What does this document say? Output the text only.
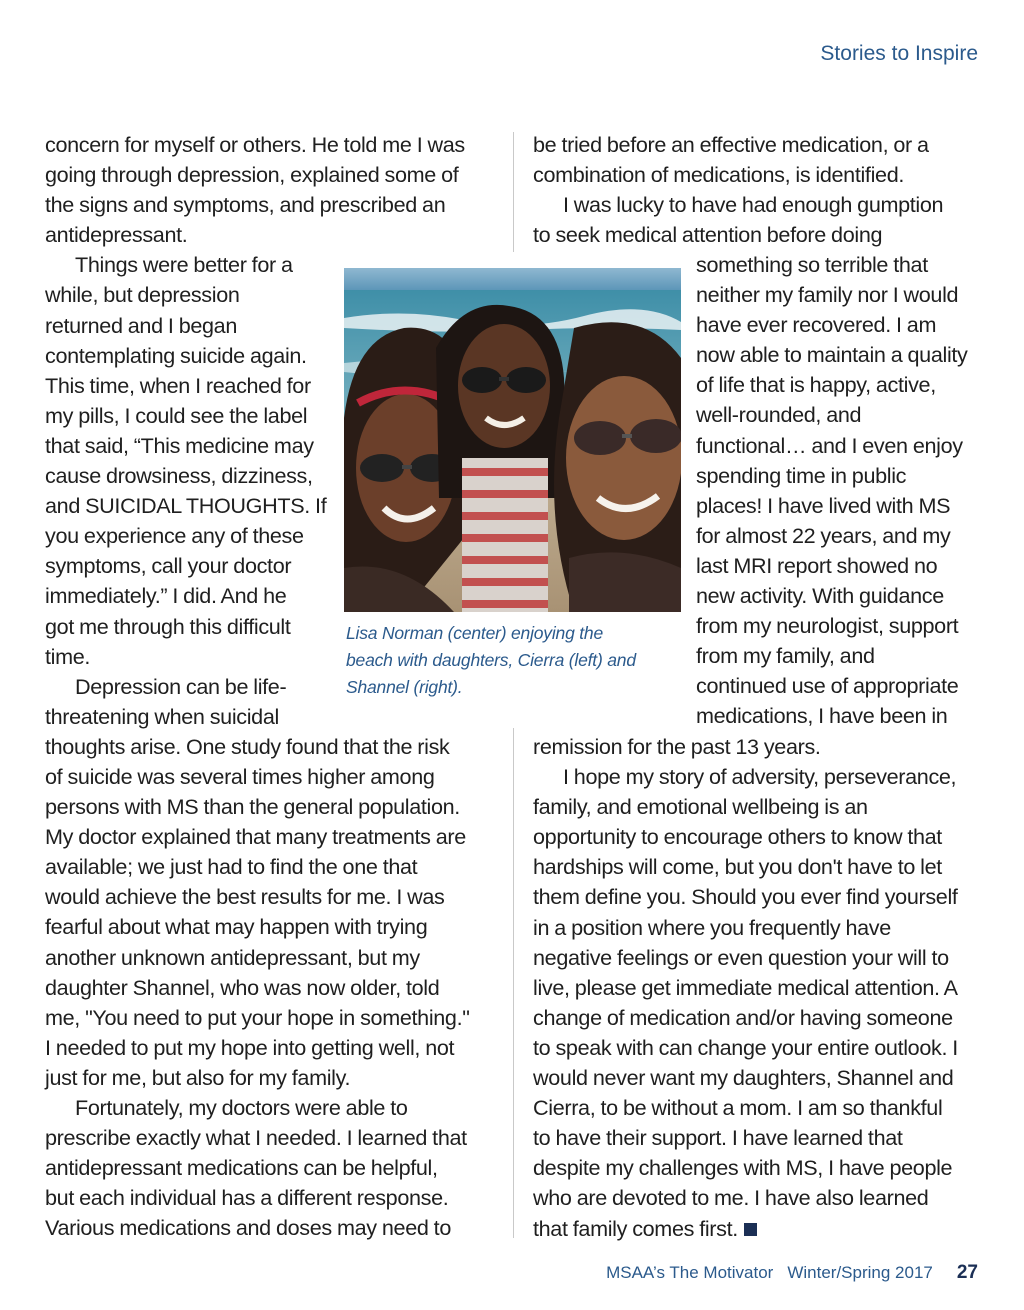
Stories to Inspire
concern for myself or others. He told me I was
going through depression, explained some of
the signs and symptoms, and prescribed an
antidepressant.
Things were better for a
while, but depression
returned and I began
contemplating suicide again.
This time, when I reached for
my pills, I could see the label
that said, “This medicine may
cause drowsiness, dizziness,
and SUICIDAL THOUGHTS. If
you experience any of these
symptoms, call your doctor
immediately.” I did. And he
got me through this difficult
time.
Depression can be life-
threatening when suicidal
thoughts arise. One study found that the risk
of suicide was several times higher among
persons with MS than the general population.
My doctor explained that many treatments are
available; we just had to find the one that
would achieve the best results for me. I was
fearful about what may happen with trying
another unknown antidepressant, but my
daughter Shannel, who was now older, told
me, "You need to put your hope in something."
I needed to put my hope into getting well, not
just for me, but also for my family.
Fortunately, my doctors were able to
prescribe exactly what I needed. I learned that
antidepressant medications can be helpful,
but each individual has a different response.
Various medications and doses may need to
be tried before an effective medication, or a
combination of medications, is identified.
I was lucky to have had enough gumption
to seek medical attention before doing
Lisa Norman (center) enjoying the
beach with daughters, Cierra (left) and
Shannel (right).
something so terrible that
neither my family nor I would
have ever recovered. I am
now able to maintain a quality
of life that is happy, active,
well-rounded, and
functional… and I even enjoy
spending time in public
places! I have lived with MS
for almost 22 years, and my
last MRI report showed no
new activity. With guidance
from my neurologist, support
from my family, and
continued use of appropriate
medications, I have been in
remission for the past 13 years.
I hope my story of adversity, perseverance,
family, and emotional wellbeing is an
opportunity to encourage others to know that
hardships will come, but you don't have to let
them define you. Should you ever find yourself
in a position where you frequently have
negative feelings or even question your will to
live, please get immediate medical attention. A
change of medication and/or having someone
to speak with can change your entire outlook. I
would never want my daughters, Shannel and
Cierra, to be without a mom. I am so thankful
to have their support. I have learned that
despite my challenges with MS, I have people
who are devoted to me. I have also learned
that family comes first.
MSAA’s The Motivator Winter/Spring 2017 27
